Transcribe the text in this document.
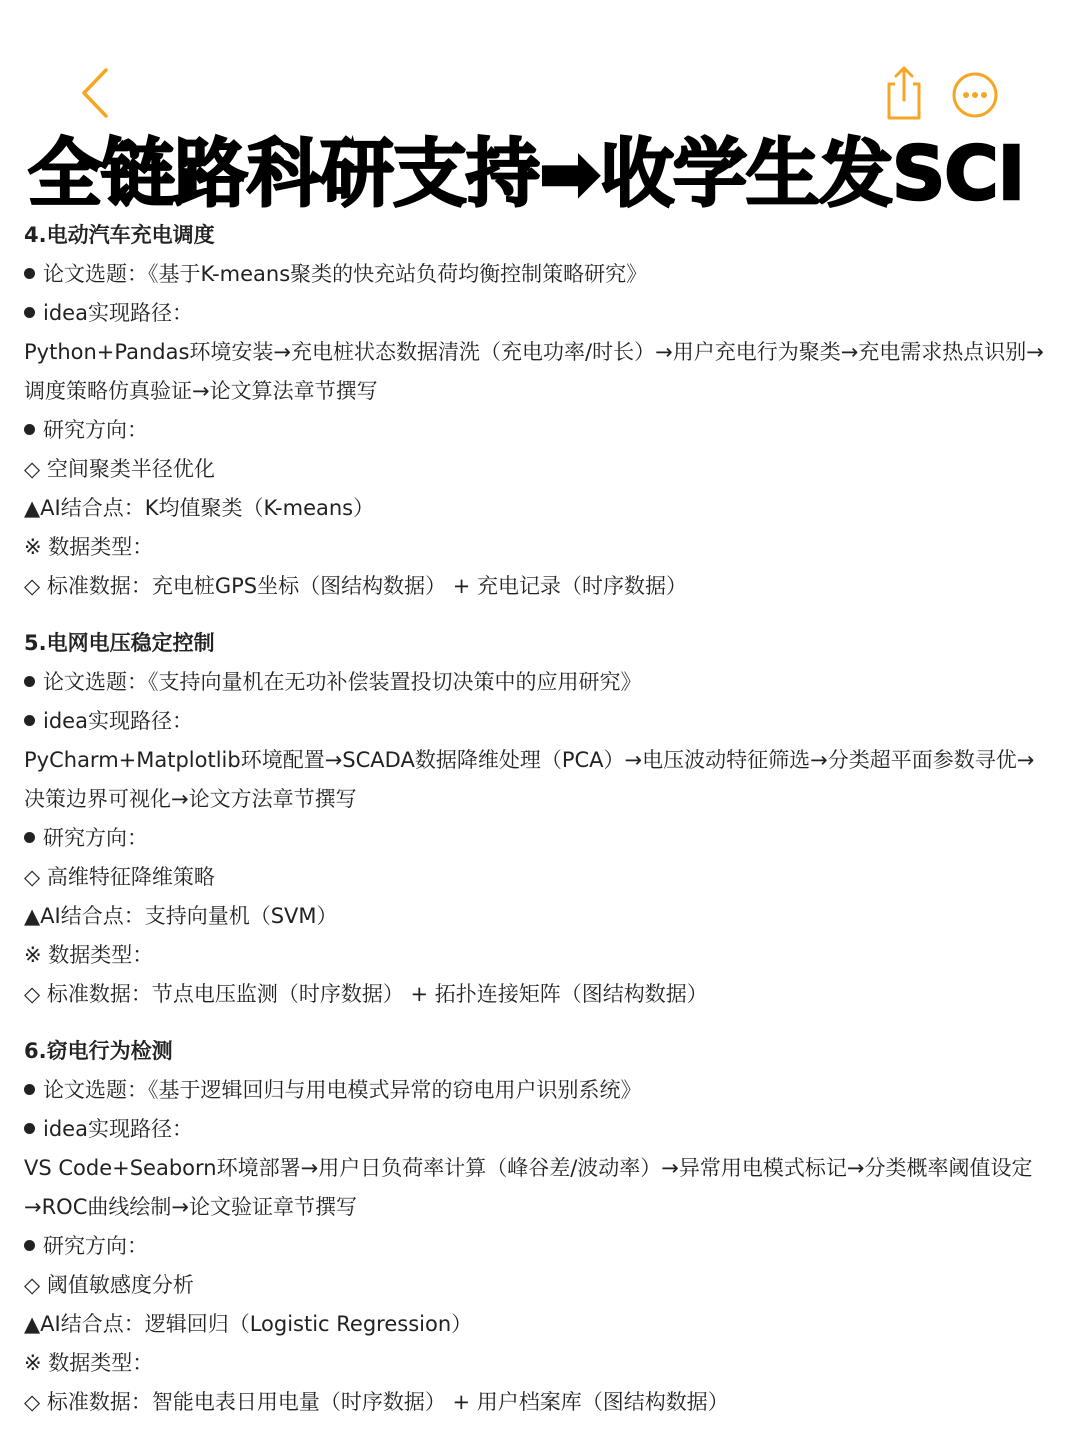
全链路科研支持➡收学生发SCI
4.电动汽车充电调度
论文选题：《基于K-means聚类的快充站负荷均衡控制策略研究》
idea实现路径：
Python+Pandas环境安装→充电桩状态数据清洗（充电功率/时长）→用户充电行为聚类→充电需求热点识别→调度策略仿真验证→论文算法章节撰写
研究方向：
◇ 空间聚类半径优化
▲AI结合点：K均值聚类（K-means）
※ 数据类型：
◇ 标准数据：充电桩GPS坐标（图结构数据） + 充电记录（时序数据）
5.电网电压稳定控制
论文选题：《支持向量机在无功补偿装置投切决策中的应用研究》
idea实现路径：
PyCharm+Matplotlib环境配置→SCADA数据降维处理（PCA）→电压波动特征筛选→分类超平面参数寻优→决策边界可视化→论文方法章节撰写
研究方向：
◇ 高维特征降维策略
▲AI结合点：支持向量机（SVM）
※ 数据类型：
◇ 标准数据：节点电压监测（时序数据） + 拓扑连接矩阵（图结构数据）
6.窃电行为检测
论文选题：《基于逻辑回归与用电模式异常的窃电用户识别系统》
idea实现路径：
VS Code+Seaborn环境部署→用户日负荷率计算（峰谷差/波动率）→异常用电模式标记→分类概率阈值设定→ROC曲线绘制→论文验证章节撰写
研究方向：
◇ 阈值敏感度分析
▲AI结合点：逻辑回归（Logistic Regression）
※ 数据类型：
◇ 标准数据：智能电表日用电量（时序数据） + 用户档案库（图结构数据）
